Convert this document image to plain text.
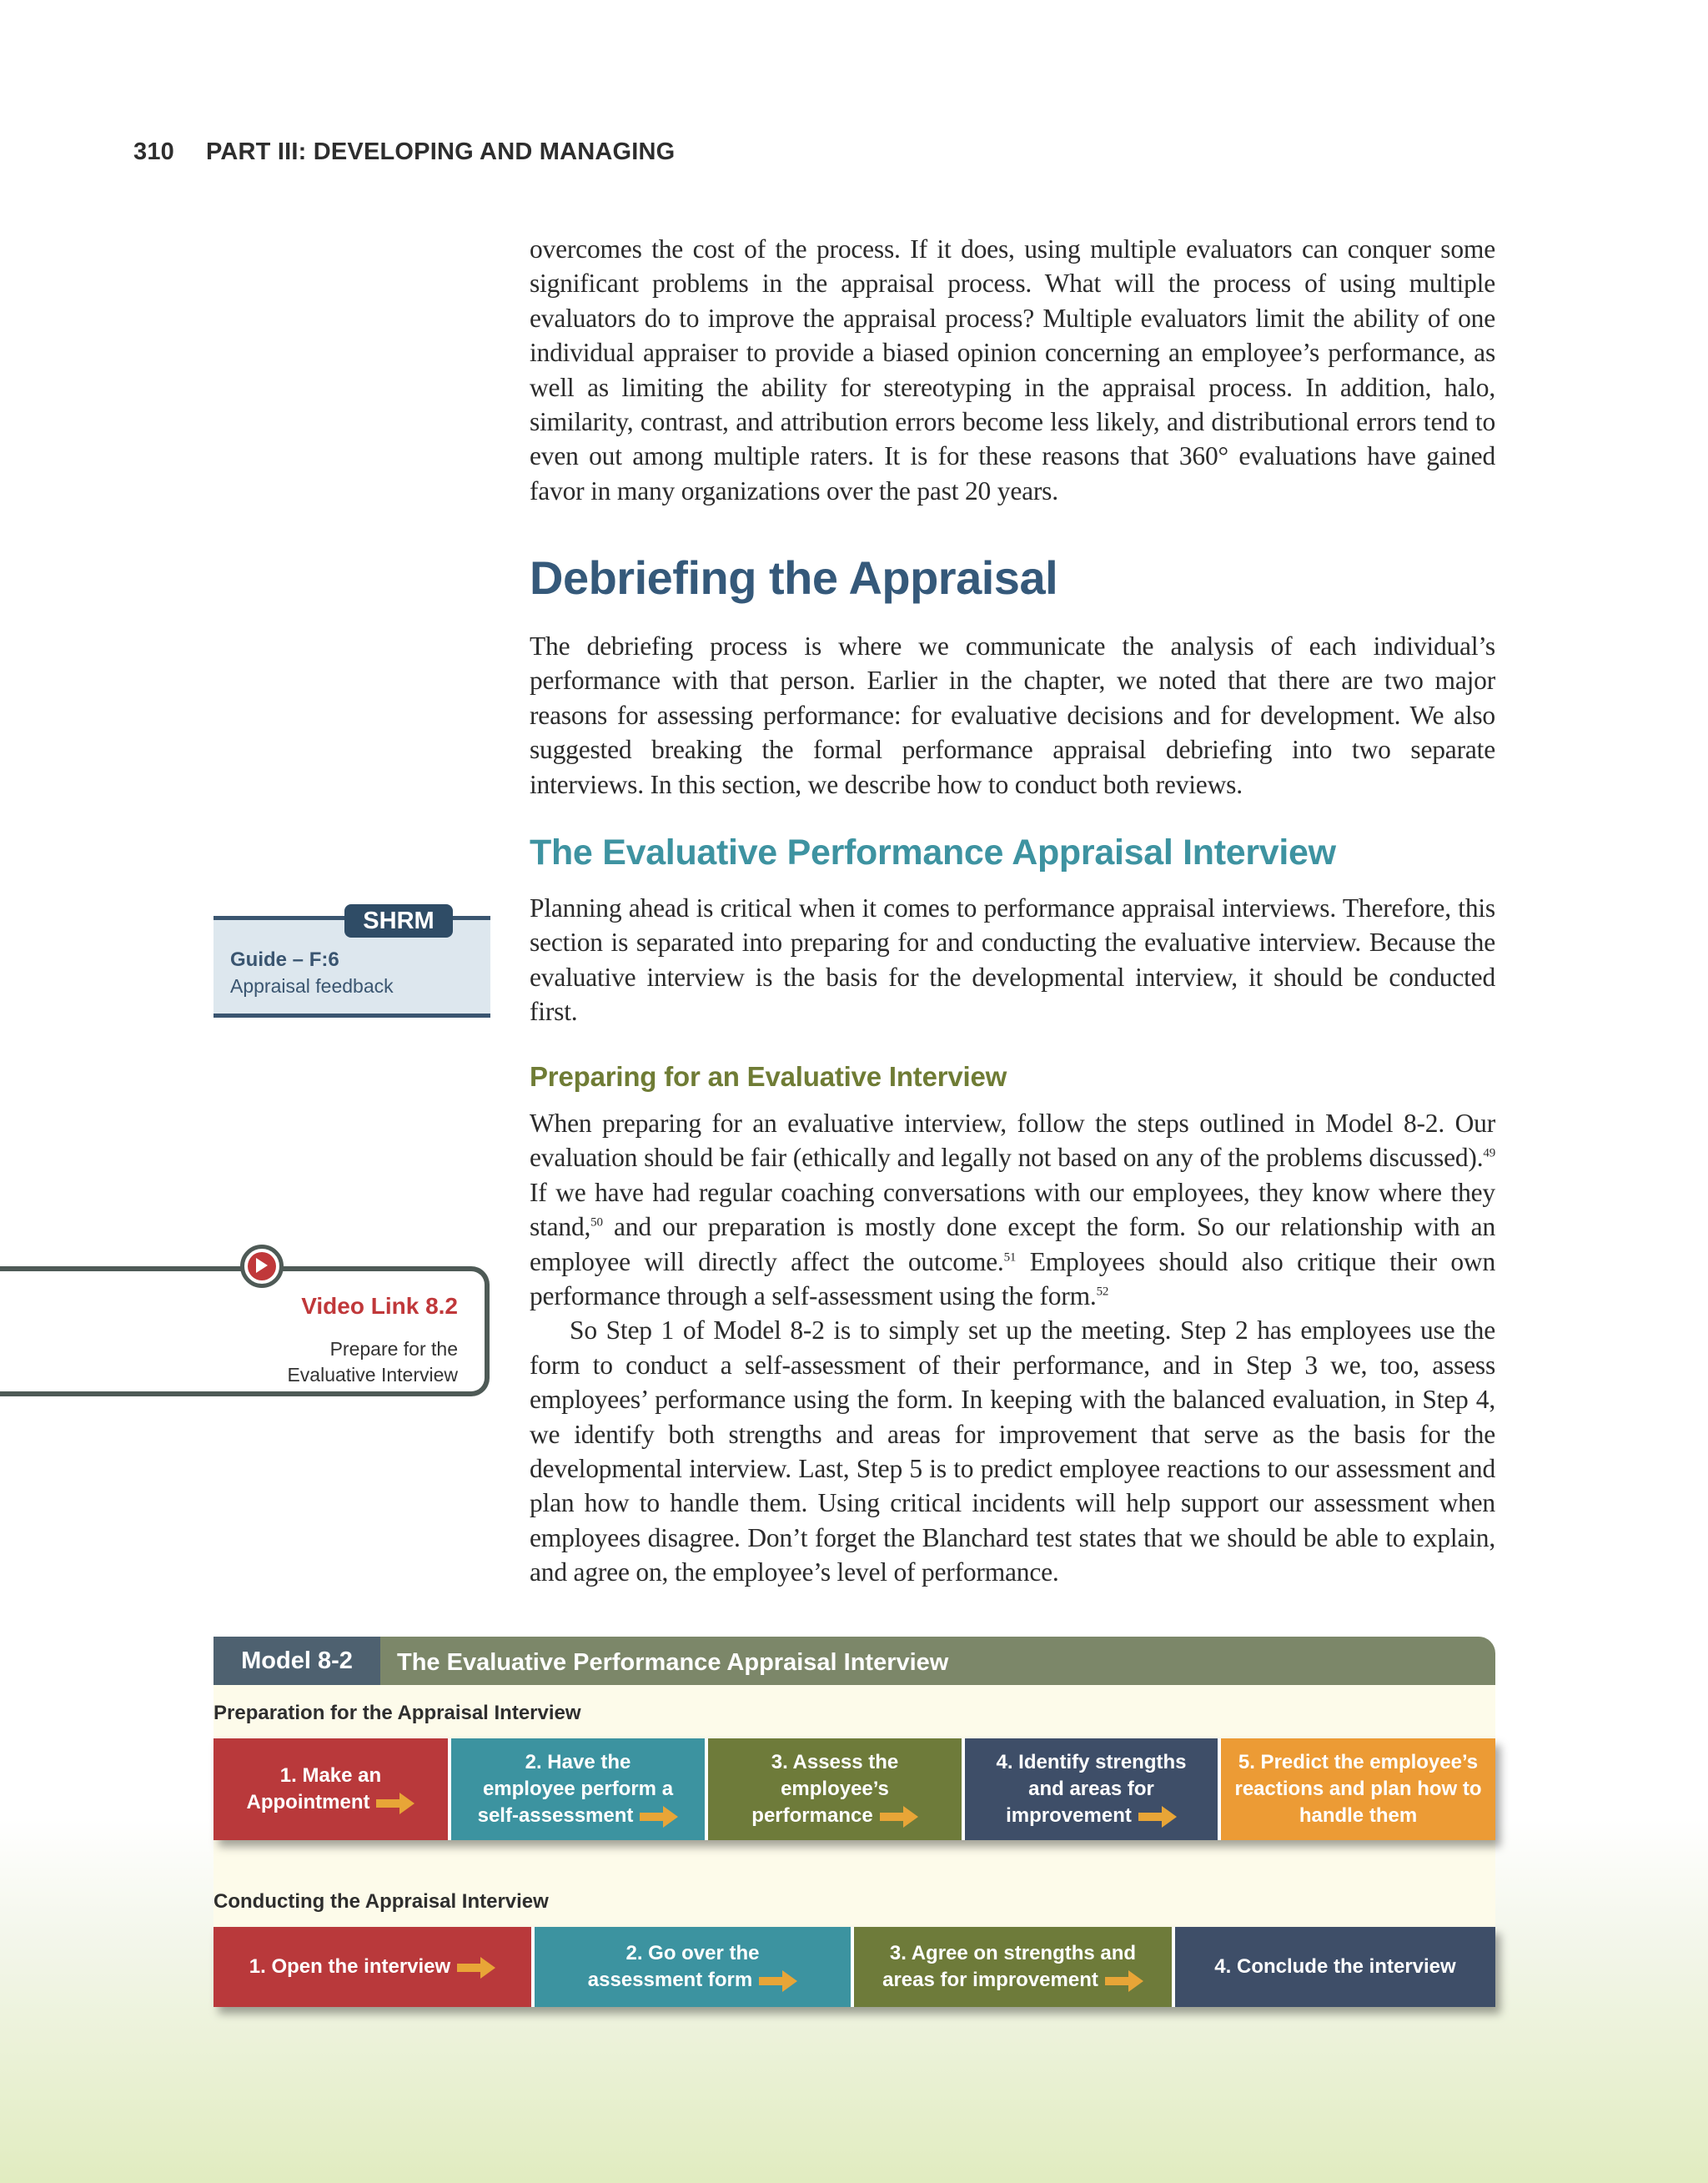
310 PART III: DEVELOPING AND MANAGING

overcomes the cost of the process. If it does, using multiple evaluators can conquer some significant problems in the appraisal process. What will the process of using multiple evaluators do to improve the appraisal process? Multiple evaluators limit the ability of one individual appraiser to provide a biased opinion concerning an employee’s performance, as well as limiting the ability for stereotyping in the appraisal process. In addition, halo, similarity, contrast, and attribution errors become less likely, and distributional errors tend to even out among multiple raters. It is for these reasons that 360° evaluations have gained favor in many organizations over the past 20 years.

Debriefing the Appraisal

The debriefing process is where we communicate the analysis of each individual’s performance with that person. Earlier in the chapter, we noted that there are two major reasons for assessing performance: for evaluative decisions and for development. We also suggested breaking the formal performance appraisal debriefing into two separate interviews. In this section, we describe how to conduct both reviews.

The Evaluative Performance Appraisal Interview

Planning ahead is critical when it comes to performance appraisal interviews. Therefore, this section is separated into preparing for and conducting the evaluative interview. Because the evaluative interview is the basis for the developmental interview, it should be conducted first.

Preparing for an Evaluative Interview

When preparing for an evaluative interview, follow the steps outlined in Model 8-2. Our evaluation should be fair (ethically and legally not based on any of the problems discussed).$^{49}$ If we have had regular coaching conversations with our employees, they know where they stand,$^{50}$ and our preparation is mostly done except the form. So our relationship with an employee will directly affect the outcome.$^{51}$ Employees should also critique their own performance through a self-assessment using the form.$^{52}$

So Step 1 of Model 8-2 is to simply set up the meeting. Step 2 has employees use the form to conduct a self-assessment of their performance, and in Step 3 we, too, assess employees’ performance using the form. In keeping with the balanced evaluation, in Step 4, we identify both strengths and areas for improvement that serve as the basis for the developmental interview. Last, Step 5 is to predict employee reactions to our assessment and plan how to handle them. Using critical incidents will help support our assessment when employees disagree. Don’t forget the Blanchard test states that we should be able to explain, and agree on, the employee’s level of performance.

SHRM
Guide – F:6
Appraisal feedback
Video Link 8.2
Prepare for the
Evaluative Interview
Model 8-2	The Evaluative Performance Appraisal Interview
Preparation for the Appraisal Interview
1. Make an
Appointment
2. Have the
employee perform a
self-assessment
3. Assess the
employee’s
performance
4. Identify strengths
and areas for
improvement
5. Predict the employee’s
reactions and plan how to
handle them
Conducting the Appraisal Interview
1. Open the interview
2. Go over the
assessment form
3. Agree on strengths and
areas for improvement
4. Conclude the interview
